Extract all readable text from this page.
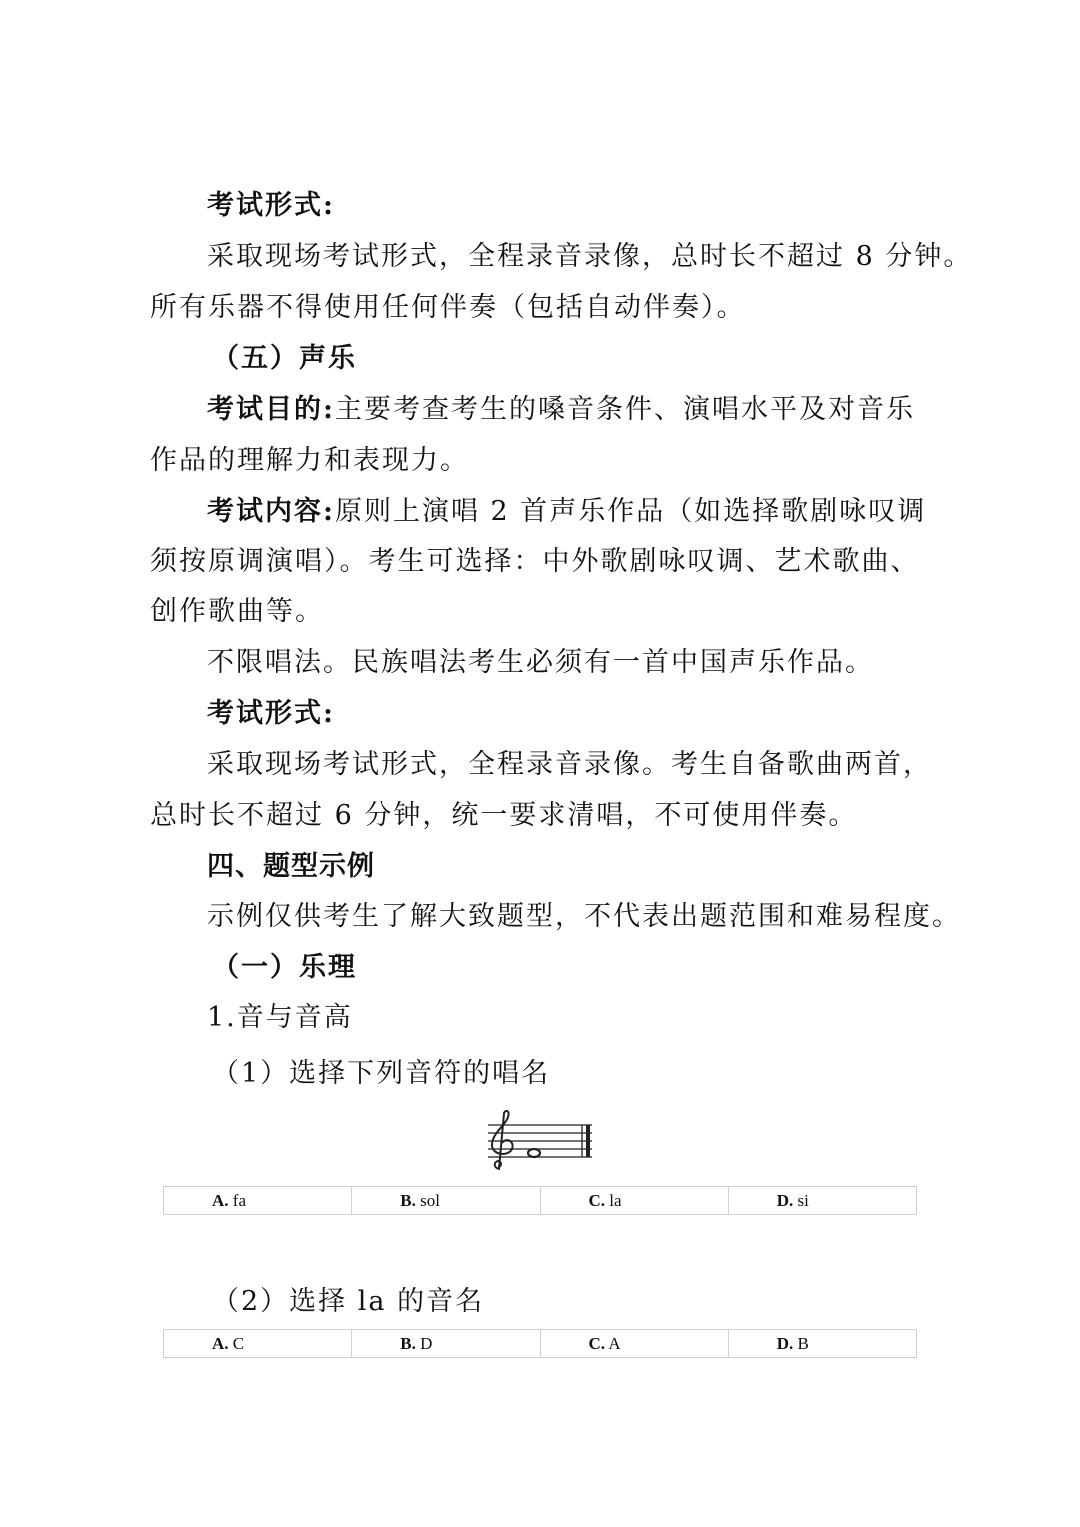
考试形式:

采取现场考试形式，全程录音录像，总时长不超过 8 分钟。

所有乐器不得使用任何伴奏（包括自动伴奏）。

（五）声乐

考试目的:主要考查考生的嗓音条件、演唱水平及对音乐

作品的理解力和表现力。

考试内容:原则上演唱 2 首声乐作品（如选择歌剧咏叹调

须按原调演唱）。考生可选择：中外歌剧咏叹调、艺术歌曲、

创作歌曲等。

不限唱法。民族唱法考生必须有一首中国声乐作品。

考试形式:

采取现场考试形式，全程录音录像。考生自备歌曲两首，

总时长不超过 6 分钟，统一要求清唱，不可使用伴奏。

四、题型示例

示例仅供考生了解大致题型，不代表出题范围和难易程度。

（一）乐理

1.音与音高

（1）选择下列音符的唱名

A. fa	B. sol	C. la	D. si

（2）选择 la 的音名

A. C	B. D	C. A	D. B
